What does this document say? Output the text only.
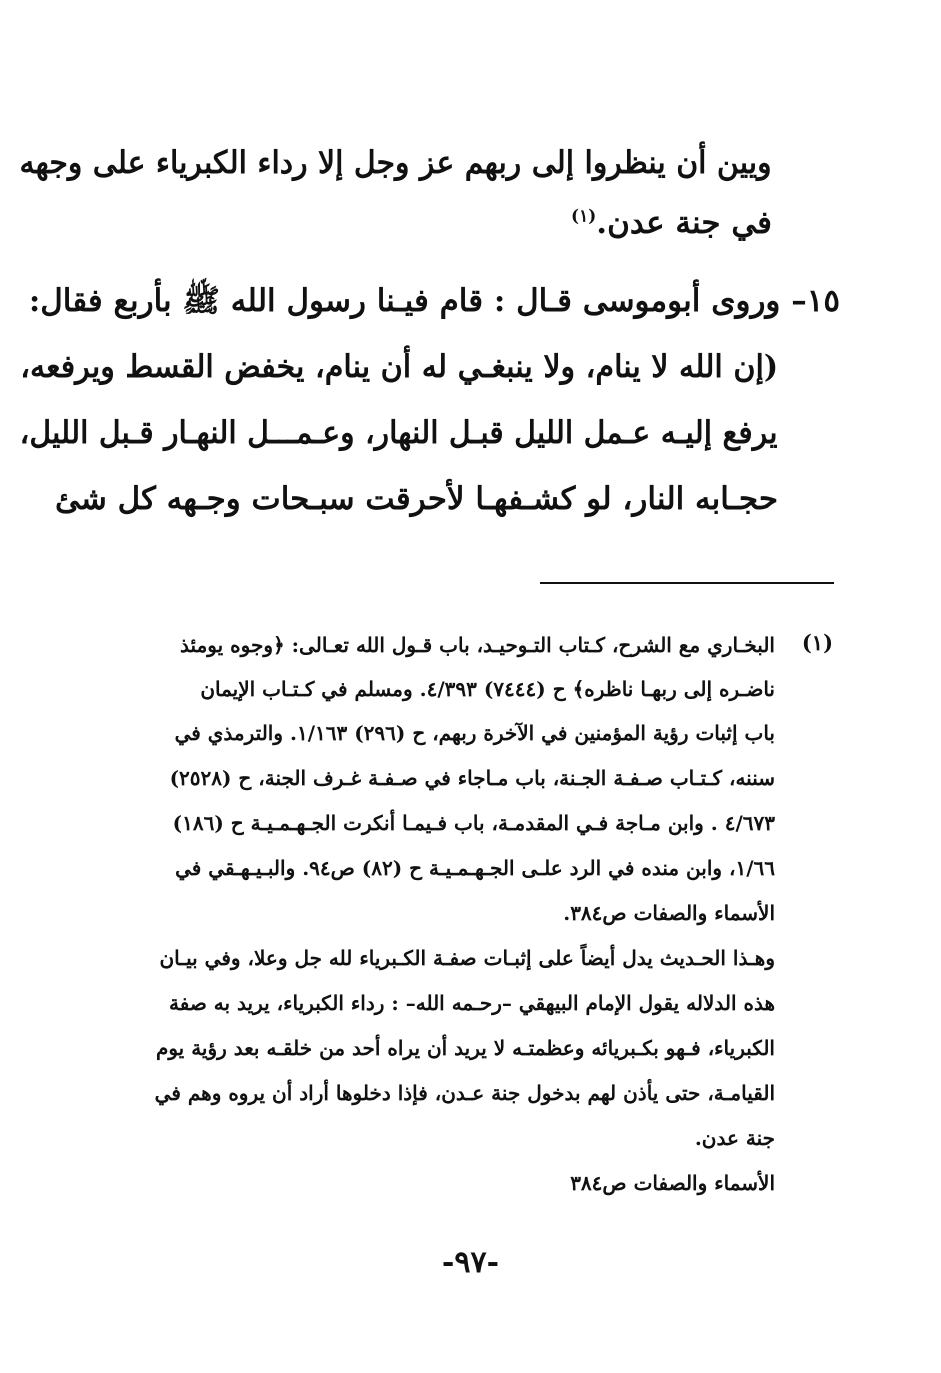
ويين أن ينظروا إلى ربهم عز وجل إلا رداء الكبرياء على وجهه
في جنة عدن.$^{(١)}$
١٥– وروى أبوموسى قـال : قام فيـنا رسول الله ﷺ بأربع فقال:
(إن الله لا ينام، ولا ينبغـي له أن ينام، يخفض القسط ويرفعه،
يرفع إليـه عـمل الليل قبـل النهار، وعـمـــل النهـار قـبل الليل،
حجـابه النار، لو كشـفهـا لأحرقت سبـحات وجـهه كل شئ
(١)
البخـاري مع الشرح، كـتاب التـوحيـد، باب قـول الله تعـالى: ﴿وجوه يومئذ
ناضـره إلى ربهـا ناظره﴾ ح (٧٤٤٤) ٤/٣٩٣. ومسلم في كـتـاب الإيمان
باب إثبات رؤية المؤمنين في الآخرة ربهم، ح (٢٩٦) ١/١٦٣. والترمذي في
سننه، كـتـاب صـفـة الجـنة، باب مـاجاء في صـفـة غـرف الجنة، ح (٢٥٢٨)
٤/٦٧٣ . وابن مـاجة فـي المقدمـة، باب فـيمـا أنكرت الجـهـمـيـة ح (١٨٦)
١/٦٦، وابن منده في الرد علـى الجـهـمـيـة ح (٨٢) ص٩٤. والبـيـهـقي في
الأسماء والصفات ص٣٨٤.
وهـذا الحـديث يدل أيضاً على إثبـات صفـة الكـبرياء لله جل وعلا، وفي بيـان
هذه الدلاله يقول الإمام البيهقي –رحـمه الله– : رداء الكبرياء، يريد به صفة
الكبرياء، فـهو بكـبريائه وعظمتـه لا يريد أن يراه أحد من خلقـه بعد رؤية يوم
القيامـة، حتى يأذن لهم بدخول جنة عـدن، فإذا دخلوها أراد أن يروه وهم في
جنة عدن.
الأسماء والصفات ص٣٨٤
-٩٧-
